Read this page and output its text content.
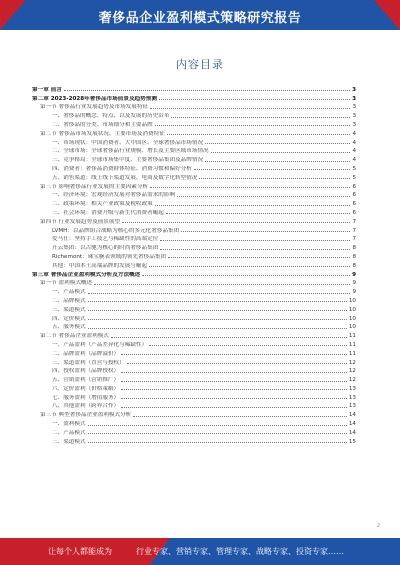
奢侈品企业盈利模式策略研究报告
内容目录
第一章 前言	3
第二章 2023-2028年奢侈品市场前景及趋势预测	3
第一节 奢侈品行业发展趋势及市场发展特征	3
一、奢侈品的概念、特点、以及发展的历史沿革	3
二、奢侈品的分类、市场细分和主要品牌	3
第二节 奢侈品市场发展状况、主要市场及消费特征	4
一、市场现状：中国消费者、大中国区、全球奢侈品市场情况	4
二、全球市场：全球奢侈品行业规模、增长及主要区域市场情况	4
三、竞争格局：全球市场集中度、主要奢侈品集团及品牌情况	4
四、消费者：奢侈品消费群体特征、消费习惯和偏好分析	5
五、销售渠道：线上线下渠道发展、电商及数字化转型情况	5
第三节 影响奢侈品行业发展的主要因素分析	6
一、经济环境：宏观经济发展对奢侈品需求的影响	6
二、政策环境：相关产业政策及税收政策	6
三、社会环境：消费升级与新生代消费者崛起	6
第四节 行业发展趋势及前景展望	7
LVMH：以品牌组合战略为核心的多元化奢侈品集团	7
爱马仕：坚持手工技艺与稀缺性的高端定位	7
开云集团：以古驰为核心的时尚奢侈品集团	8
Richemont：珠宝腕表领域的领先奢侈品集团	8
其他：中国本土高端品牌的发展与崛起	8
第三章 奢侈品企业盈利模式分析及方法概述	9
第一节 盈利模式概述	9
一、产品模式	9
二、品牌模式	10
三、渠道模式	10
四、定价模式	10
五、服务模式	10
第二节 奢侈品企业盈利模式	11
一、产品盈利（产品差异化与稀缺性）	11
二、品牌盈利（品牌溢价）	11
三、渠道盈利（直营与授权）	12
四、授权盈利（品牌授权）	12
五、营销盈利（营销推广）	12
六、定价盈利（价格策略）	13
七、服务盈利（增值服务）	13
八、其他盈利（跨界合作）	13
第三节 典型奢侈品企业盈利模式分析	14
一、盈利模式	14
二、产品模式	14
三、渠道模式	15
2
让每个人都能成为	行业专家、营销专家、管理专家、战略专家、投资专家……
